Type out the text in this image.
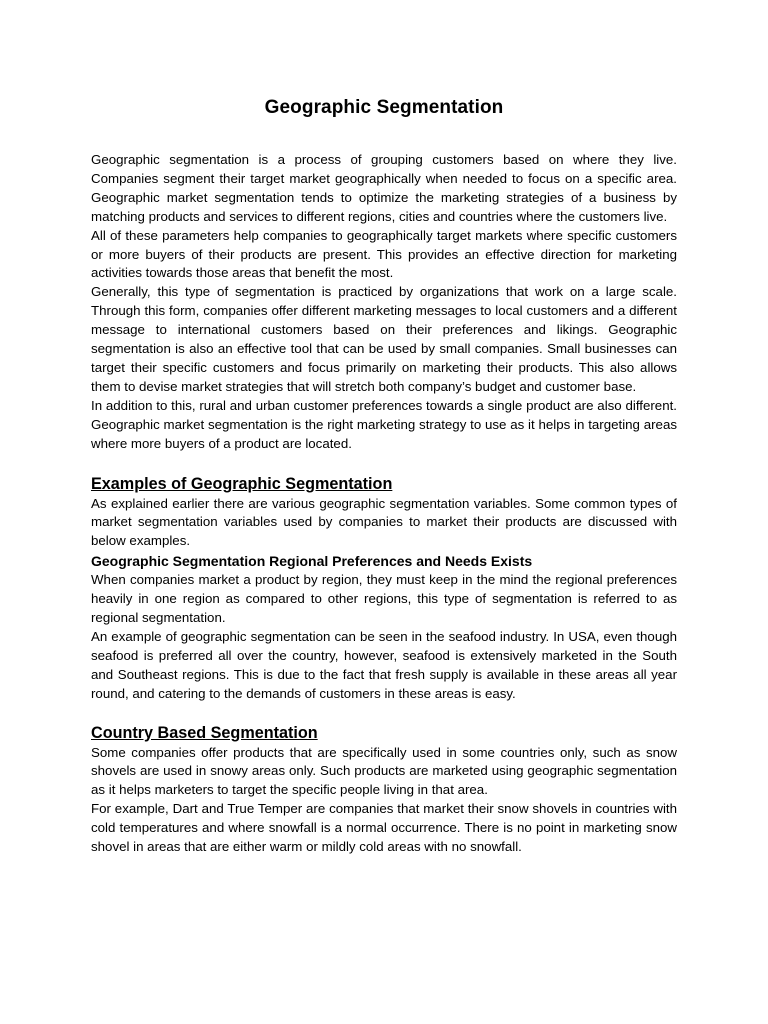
Geographic Segmentation

Geographic segmentation is a process of grouping customers based on where they live. Companies segment their target market geographically when needed to focus on a specific area. Geographic market segmentation tends to optimize the marketing strategies of a business by matching products and services to different regions, cities and countries where the customers live.

All of these parameters help companies to geographically target markets where specific customers or more buyers of their products are present. This provides an effective direction for marketing activities towards those areas that benefit the most.

Generally, this type of segmentation is practiced by organizations that work on a large scale. Through this form, companies offer different marketing messages to local customers and a different message to international customers based on their preferences and likings. Geographic segmentation is also an effective tool that can be used by small companies. Small businesses can target their specific customers and focus primarily on marketing their products. This also allows them to devise market strategies that will stretch both company’s budget and customer base.

In addition to this, rural and urban customer preferences towards a single product are also different. Geographic market segmentation is the right marketing strategy to use as it helps in targeting areas where more buyers of a product are located.

Examples of Geographic Segmentation

As explained earlier there are various geographic segmentation variables. Some common types of market segmentation variables used by companies to market their products are discussed with below examples.

Geographic Segmentation Regional Preferences and Needs Exists

When companies market a product by region, they must keep in the mind the regional preferences heavily in one region as compared to other regions, this type of segmentation is referred to as regional segmentation.

An example of geographic segmentation can be seen in the seafood industry. In USA, even though seafood is preferred all over the country, however, seafood is extensively marketed in the South and Southeast regions. This is due to the fact that fresh supply is available in these areas all year round, and catering to the demands of customers in these areas is easy.

Country Based Segmentation

Some companies offer products that are specifically used in some countries only, such as snow shovels are used in snowy areas only. Such products are marketed using geographic segmentation as it helps marketers to target the specific people living in that area.

For example, Dart and True Temper are companies that market their snow shovels in countries with cold temperatures and where snowfall is a normal occurrence. There is no point in marketing snow shovel in areas that are either warm or mildly cold areas with no snowfall.
